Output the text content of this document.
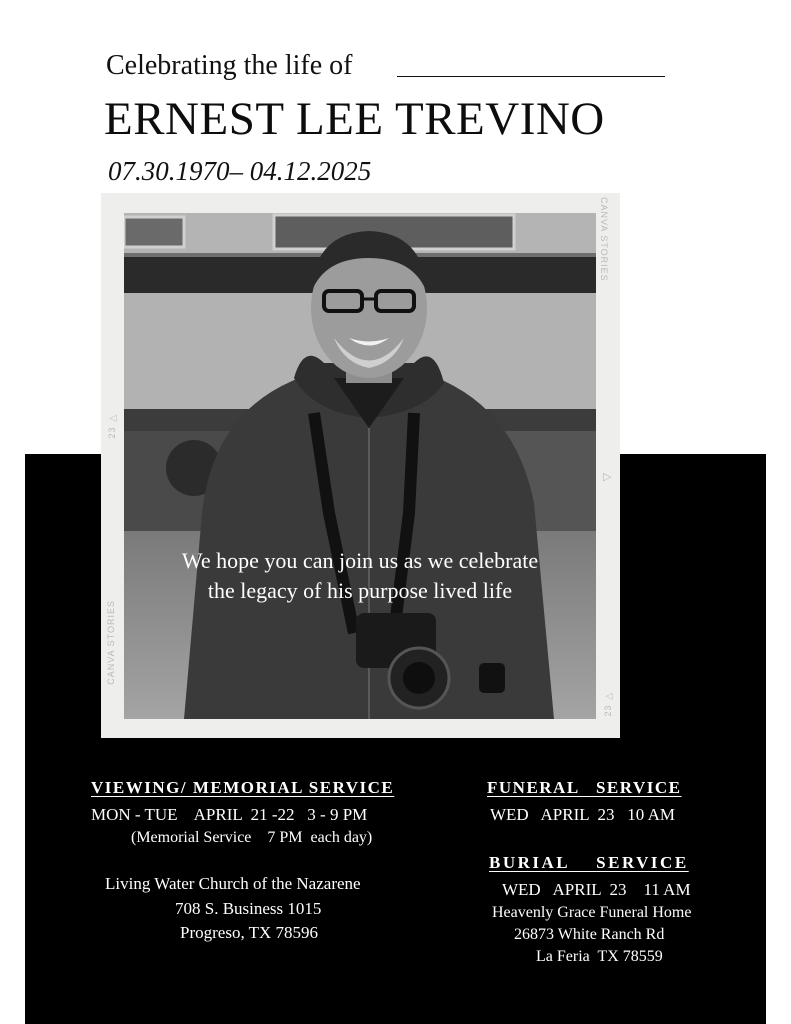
Celebrating the life of
ERNEST LEE TREVINO
07.30.1970– 04.12.2025
CANVA STORIES
CANVA STORIES
23 ▷
23 ▷
▷
We hope you can join us as we celebrate
the legacy of his purpose lived life
VIEWING/ MEMORIAL SERVICE
MON - TUE    APRIL  21 -22   3 - 9 PM
(Memorial Service    7 PM  each day)
Living Water Church of the Nazarene
708 S. Business 1015
Progreso, TX 78596
FUNERAL   SERVICE
WED   APRIL  23   10 AM
BURIAL    SERVICE
WED   APRIL  23    11 AM
Heavenly Grace Funeral Home
26873 White Ranch Rd
La Feria  TX 78559
